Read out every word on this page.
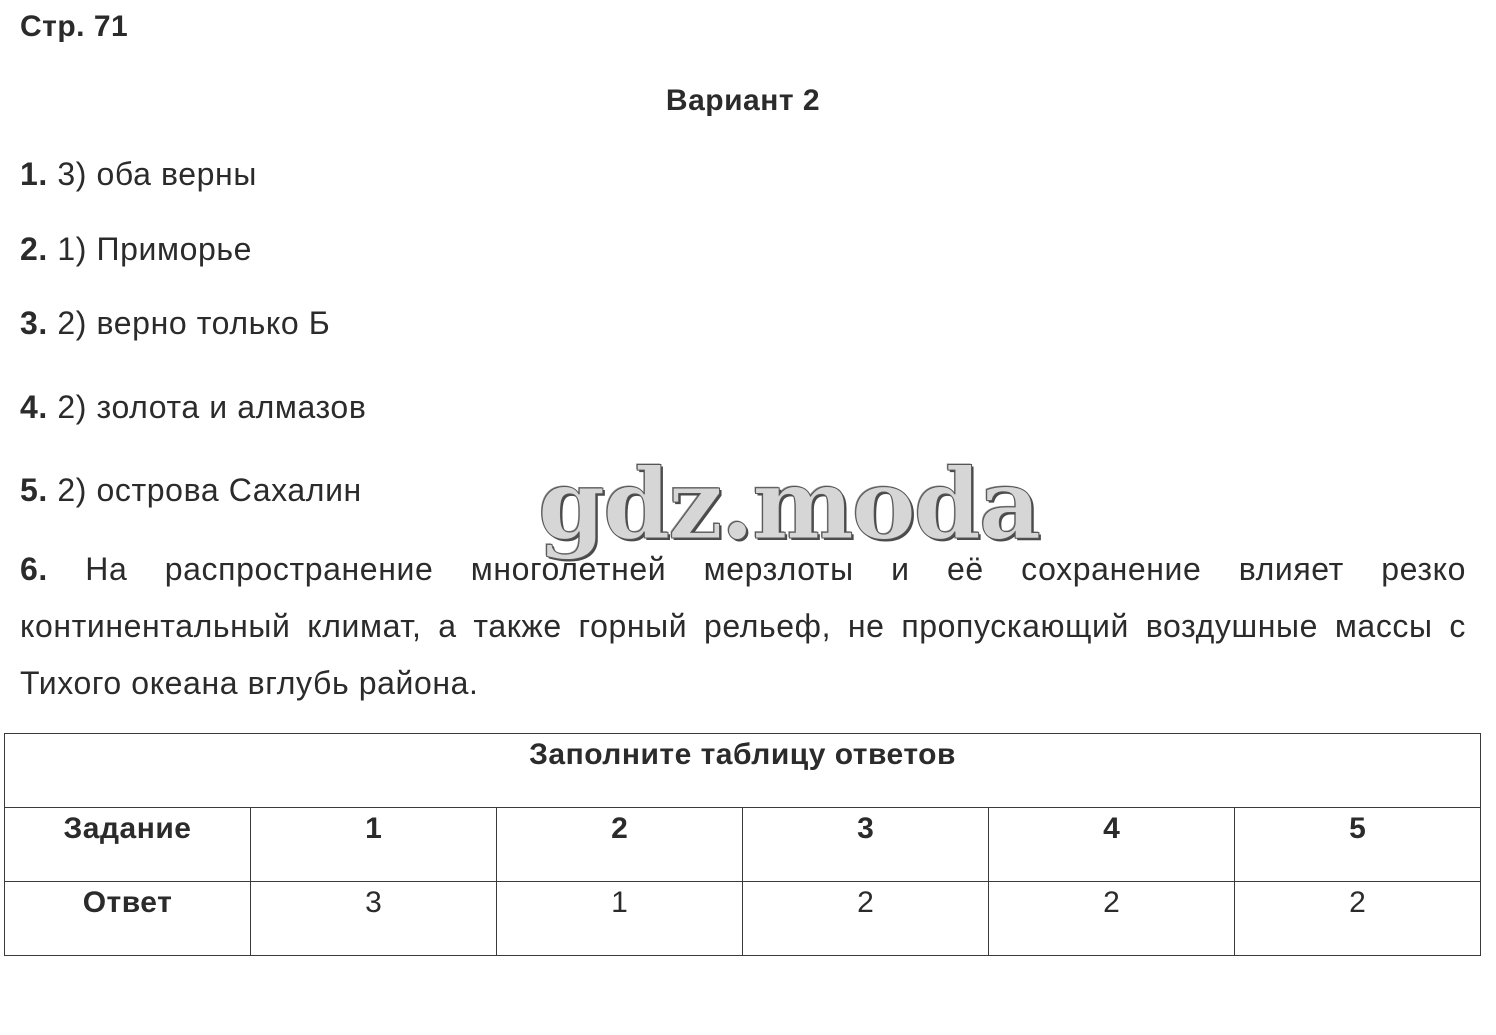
Стр. 71
Вариант 2
1. 3) оба верны
2. 1) Приморье
3. 2) верно только Б
4. 2) золота и алмазов
5. 2) острова Сахалин
6. На распространение многолетней мерзлоты и её сохранение влияет резко континентальный климат, а также горный рельеф, не пропускающий воздушные массы с Тихого океана вглубь района.
gdz.moda
Заполните таблицу ответов					
Задание	1	2	3	4	5
Ответ	3	1	2	2	2
